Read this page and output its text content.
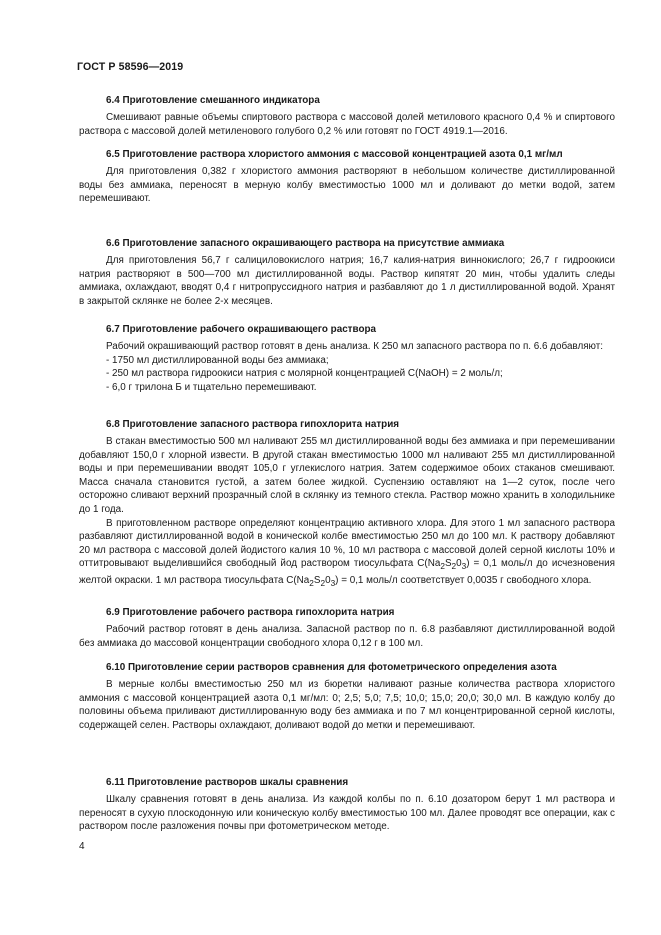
ГОСТ Р 58596—2019
6.4 Приготовление смешанного индикатора

Смешивают равные объемы спиртового раствора с массовой долей метилового красного 0,4 % и спиртового раствора с массовой долей метиленового голубого 0,2 % или готовят по ГОСТ 4919.1—2016.

6.5 Приготовление раствора хлористого аммония с массовой концентрацией азота 0,1 мг/мл

Для приготовления 0,382 г хлористого аммония растворяют в небольшом количестве дистиллированной воды без аммиака, переносят в мерную колбу вместимостью 1000 мл и доливают до метки водой, затем перемешивают.

6.6 Приготовление запасного окрашивающего раствора на присутствие аммиака

Для приготовления 56,7 г салициловокислого натрия; 16,7 калия-натрия виннокислого; 26,7 г гидроокиси натрия растворяют в 500—700 мл дистиллированной воды. Раствор кипятят 20 мин, чтобы удалить следы аммиака, охлаждают, вводят 0,4 г нитропруссидного натрия и разбавляют до 1 л дистиллированной водой. Хранят в закрытой склянке не более 2-х месяцев.

6.7 Приготовление рабочего окрашивающего раствора

Рабочий окрашивающий раствор готовят в день анализа. К 250 мл запасного раствора по п. 6.6 добавляют:

- 1750 мл дистиллированной воды без аммиака;

- 250 мл раствора гидроокиси натрия с молярной концентрацией C(NaOH) = 2 моль/л;

- 6,0 г трилона Б и тщательно перемешивают.

6.8 Приготовление запасного раствора гипохлорита натрия

В стакан вместимостью 500 мл наливают 255 мл дистиллированной воды без аммиака и при перемешивании добавляют 150,0 г хлорной извести. В другой стакан вместимостью 1000 мл наливают 255 мл дистиллированной воды и при перемешивании вводят 105,0 г углекислого натрия. Затем содержимое обоих стаканов смешивают. Масса сначала становится густой, а затем более жидкой. Суспензию оставляют на 1—2 суток, после чего осторожно сливают верхний прозрачный слой в склянку из темного стекла. Раствор можно хранить в холодильнике до 1 года.

В приготовленном растворе определяют концентрацию активного хлора. Для этого 1 мл запасного раствора разбавляют дистиллированной водой в конической колбе вместимостью 250 мл до 100 мл. К раствору добавляют 20 мл раствора с массовой долей йодистого калия 10 %, 10 мл раствора с массовой долей серной кислоты 10% и оттитровывают выделившийся свободный йод раствором тиосульфата $C(Na_2S_20_3) = 0,1$ моль/л до исчезновения желтой окраски. 1 мл раствора тиосульфата $C(Na_2S_20_3) = 0,1$ моль/л соответствует 0,0035 г свободного хлора.

6.9 Приготовление рабочего раствора гипохлорита натрия

Рабочий раствор готовят в день анализа. Запасной раствор по п. 6.8 разбавляют дистиллированной водой без аммиака до массовой концентрации свободного хлора 0,12 г в 100 мл.

6.10 Приготовление серии растворов сравнения для фотометрического определения азота

В мерные колбы вместимостью 250 мл из бюретки наливают разные количества раствора хлористого аммония с массовой концентрацией азота 0,1 мг/мл: 0; 2,5; 5,0; 7,5; 10,0; 15,0; 20,0; 30,0 мл. В каждую колбу до половины объема приливают дистиллированную воду без аммиака и по 7 мл концентрированной серной кислоты, содержащей селен. Растворы охлаждают, доливают водой до метки и перемешивают.

6.11 Приготовление растворов шкалы сравнения

Шкалу сравнения готовят в день анализа. Из каждой колбы по п. 6.10 дозатором берут 1 мл раствора и переносят в сухую плоскодонную или коническую колбу вместимостью 100 мл. Далее проводят все операции, как с раствором после разложения почвы при фотометрическом методе.

4
